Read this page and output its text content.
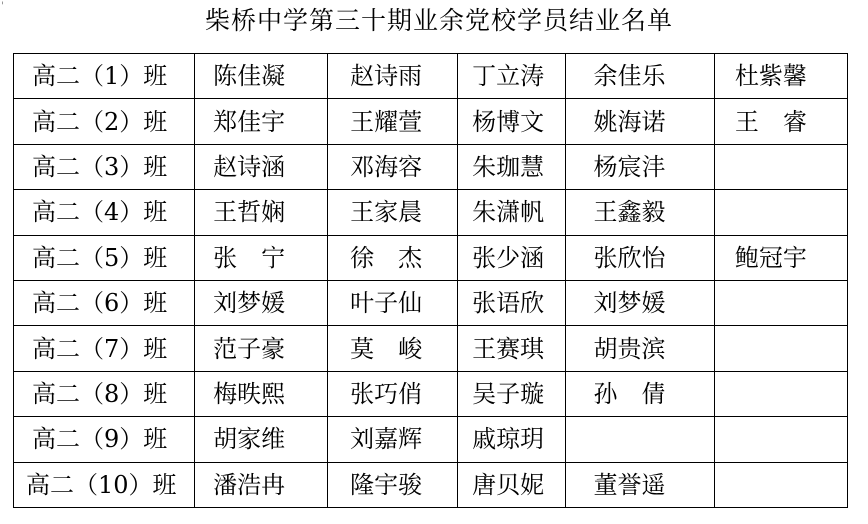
'	柴桥中学第三十期业余党校学员结业名单
高二（1）班	陈佳凝	赵诗雨	丁立涛	余佳乐	杜紫馨
高二（2）班	郑佳宇	王耀萱	杨博文	姚海诺	王　睿
高二（3）班	赵诗涵	邓海容	朱珈慧	杨宸沣	
高二（4）班	王哲娴	王家晨	朱潇帆	王鑫毅	
高二（5）班	张　宁	徐　杰	张少涵	张欣怡	鲍冠宇
高二（6）班	刘梦媛	叶子仙	张语欣	刘梦媛	
高二（7）班	范子豪	莫　峻	王赛琪	胡贵滨	
高二（8）班	梅昳熙	张巧俏	吴子璇	孙　倩	
高二（9）班	胡家维	刘嘉辉	戚琼玥		
高二（10）班	潘浩冉	隆宇骏	唐贝妮	董誉遥	
